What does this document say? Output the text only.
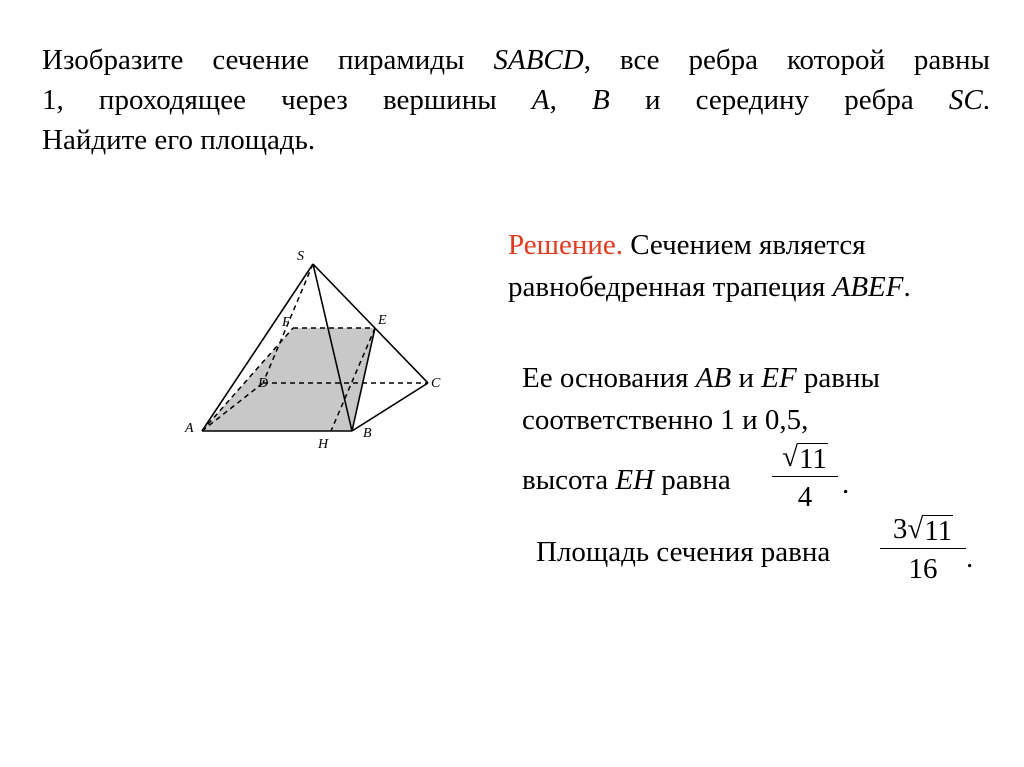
Изобразите сечение пирамиды SABCD, все ребра которой равны
1, проходящее через вершины A, B и середину ребра SC.
Найдите его площадь.
S
F	E
D	C
A	B
H
Решение. Сечением является
равнобедренная трапеция ABEF.
Ее основания AB и EF равны
соответственно 1 и 0,5,
высота EH равна
√ 11
4	.
Площадь сечения равна
3 √ 11
16 .
